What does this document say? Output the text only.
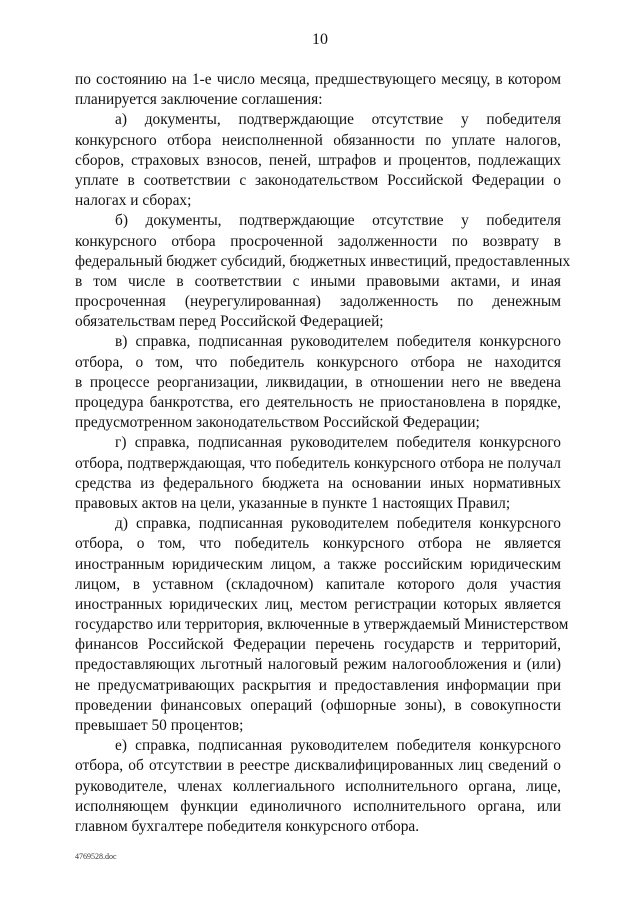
10
по состоянию на 1-е число месяца, предшествующего месяцу, в котором
планируется заключение соглашения:
а) документы, подтверждающие отсутствие у победителя
конкурсного отбора неисполненной обязанности по уплате налогов,
сборов, страховых взносов, пеней, штрафов и процентов, подлежащих
уплате в соответствии с законодательством Российской Федерации о
налогах и сборах;
б) документы, подтверждающие отсутствие у победителя
конкурсного отбора просроченной задолженности по возврату в
федеральный бюджет субсидий, бюджетных инвестиций, предоставленных
в том числе в соответствии с иными правовыми актами, и иная
просроченная (неурегулированная) задолженность по денежным
обязательствам перед Российской Федерацией;
в) справка, подписанная руководителем победителя конкурсного
отбора, о том, что победитель конкурсного отбора не находится
в процессе реорганизации, ликвидации, в отношении него не введена
процедура банкротства, его деятельность не приостановлена в порядке,
предусмотренном законодательством Российской Федерации;
г) справка, подписанная руководителем победителя конкурсного
отбора, подтверждающая, что победитель конкурсного отбора не получал
средства из федерального бюджета на основании иных нормативных
правовых актов на цели, указанные в пункте 1 настоящих Правил;
д) справка, подписанная руководителем победителя конкурсного
отбора, о том, что победитель конкурсного отбора не является
иностранным юридическим лицом, а также российским юридическим
лицом, в уставном (складочном) капитале которого доля участия
иностранных юридических лиц, местом регистрации которых является
государство или территория, включенные в утверждаемый Министерством
финансов Российской Федерации перечень государств и территорий,
предоставляющих льготный налоговый режим налогообложения и (или)
не предусматривающих раскрытия и предоставления информации при
проведении финансовых операций (офшорные зоны), в совокупности
превышает 50 процентов;
е) справка, подписанная руководителем победителя конкурсного
отбора, об отсутствии в реестре дисквалифицированных лиц сведений о
руководителе, членах коллегиального исполнительного органа, лице,
исполняющем функции единоличного исполнительного органа, или
главном бухгалтере победителя конкурсного отбора.
4769528.doc
